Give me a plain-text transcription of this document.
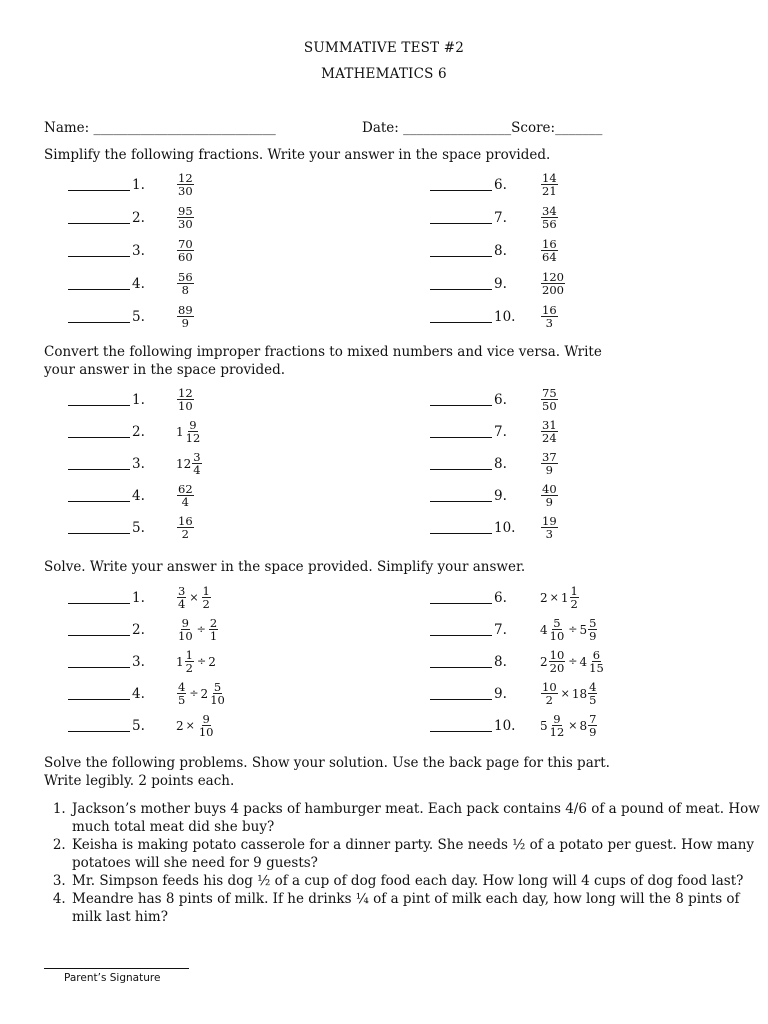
SUMMATIVE TEST #2
MATHEMATICS 6
Name: ___________________________	Date: ________________Score:_______
Simplify the following fractions. Write your answer in the space provided.
1.	$\frac{12}{30}$
2.	$\frac{95}{30}$
3.	$\frac{70}{60}$
4.	$\frac{56}{8}$
5.	$\frac{89}{9}$
6.	$\frac{14}{21}$
7.	$\frac{34}{56}$
8.	$\frac{16}{64}$
9.	$\frac{120}{200}$
10.	$\frac{16}{3}$
Convert the following improper fractions to mixed numbers and vice versa. Write
your answer in the space provided.
1.	$\frac{12}{10}$
2.	$1 \frac{9}{12}$
3.	$12 \frac{3}{4}$
4.	$\frac{62}{4}$
5.	$\frac{16}{2}$
6.	$\frac{75}{50}$
7.	$\frac{31}{24}$
8.	$\frac{37}{9}$
9.	$\frac{40}{9}$
10.	$\frac{19}{3}$
Solve. Write your answer in the space provided. Simplify your answer.
1.	$\frac{3}{4} \times \frac{1}{2}$
2.	$\frac{9}{10} \div \frac{2}{1}$
3.	$1 \frac{1}{2} \div 2$
4.	$\frac{4}{5} \div 2 \frac{5}{10}$
5.	$2 \times \frac{9}{10}$
6.	$2 \times 1 \frac{1}{2}$
7.	$4 \frac{5}{10} \div 5 \frac{5}{9}$
8.	$2 \frac{10}{20} \div 4 \frac{6}{15}$
9.	$\frac{10}{2} \times 18 \frac{4}{5}$
10.	$5 \frac{9}{12} \times 8 \frac{7}{9}$
Solve the following problems. Show your solution. Use the back page for this part.
Write legibly. 2 points each.
1. Jackson’s mother buys 4 packs of hamburger meat. Each pack contains 4/6 of a pound of meat. How much total meat did she buy?
2. Keisha is making potato casserole for a dinner party. She needs ½ of a potato per guest. How many potatoes will she need for 9 guests?
3. Mr. Simpson feeds his dog ½ of a cup of dog food each day. How long will 4 cups of dog food last?
4. Meandre has 8 pints of milk. If he drinks ¼ of a pint of milk each day, how long will the 8 pints of milk last him?
Parent’s Signature
